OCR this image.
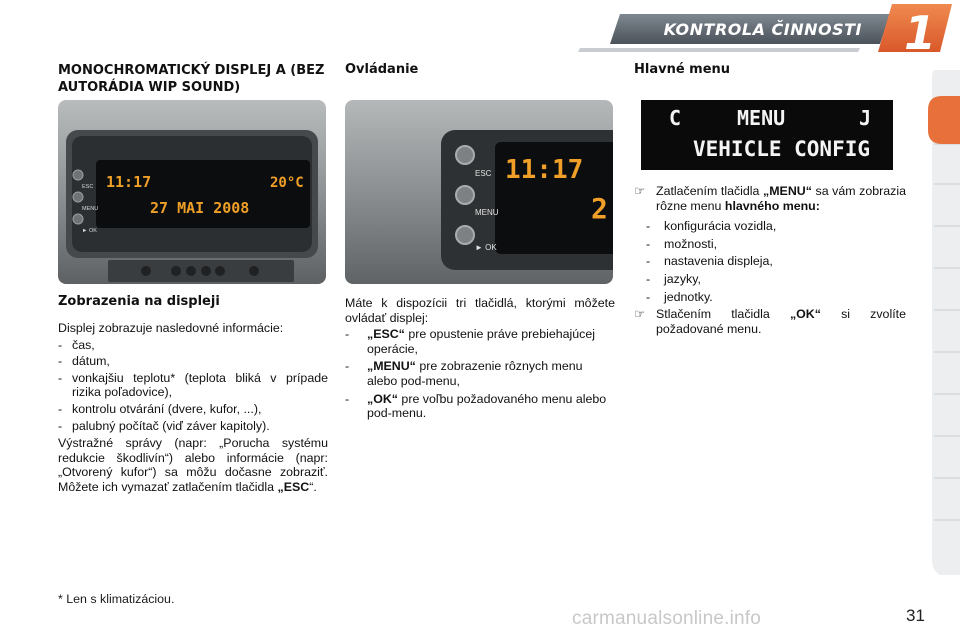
KONTROLA ČINNOSTI 1
MONOCHROMATICKÝ DISPLEJ A (BEZ AUTORÁDIA WIP SOUND)
ESC
MENU
► OK
11:17	20°C
27 MAI 2008
Zobrazenia na displeji

Displej zobrazuje nasledovné informácie:

- čas,
- dátum,
- vonkajšiu teplotu* (teplota bliká v prípade rizika poľadovice),
- kontrolu otvárání (dvere, kufor, ...),
- palubný počítač (viď záver kapitoly).

Výstražné správy (napr: „Porucha systému redukcie škodlivín“) alebo informácie (napr: „Otvorený kufor“) sa môžu dočasne zobraziť. Môžete ich vymazať zatlačením tlačidla „ESC“.

Ovládanie
ESC
MENU
► OK
11:17
2

Máte k dispozícii tri tlačidlá, ktorými môžete ovládať displej:

- „ESC“ pre opustenie práve prebiehajúcej operácie,
- „MENU“ pre zobrazenie rôznych menu alebo pod-menu,
- „OK“ pre voľbu požadovaného menu alebo pod-menu.
Hlavné menu
C	MENU	J
VEHICLE CONFIG
☞ Zatlačením tlačidla „MENU“ sa vám zobrazia rôzne menu hlavného menu:
- konfigurácia vozidla,
- možnosti,
- nastavenia displeja,
- jazyky,
- jednotky.
☞ Stlačením tlačidla „OK“ si zvolíte požadované menu.
* Len s klimatizáciou.
carmanualsonline.info	31
